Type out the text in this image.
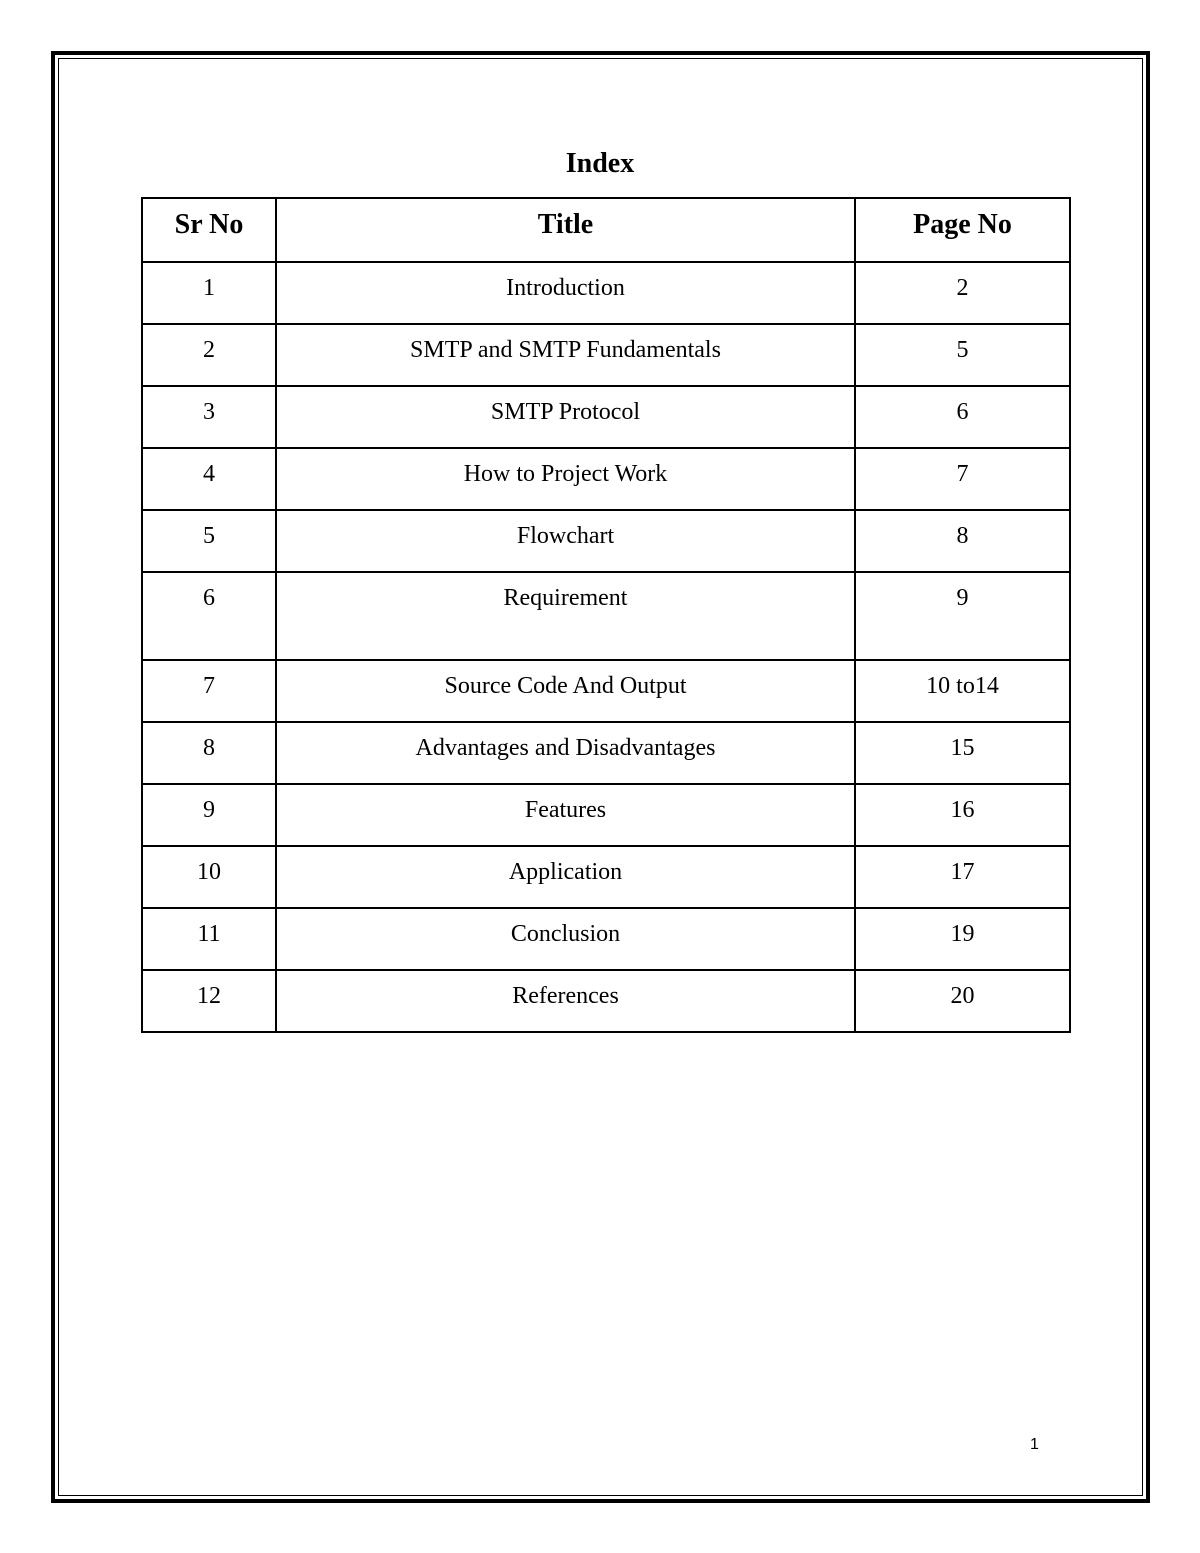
Index
Sr No	Title	Page No
1	Introduction	2
2	SMTP and SMTP Fundamentals	5
3	SMTP Protocol	6
4	How to Project Work	7
5	Flowchart	8
6	Requirement	9
7	Source Code And Output	10 to14
8	Advantages and Disadvantages	15
9	Features	16
10	Application	17
11	Conclusion	19
12	References	20
1
